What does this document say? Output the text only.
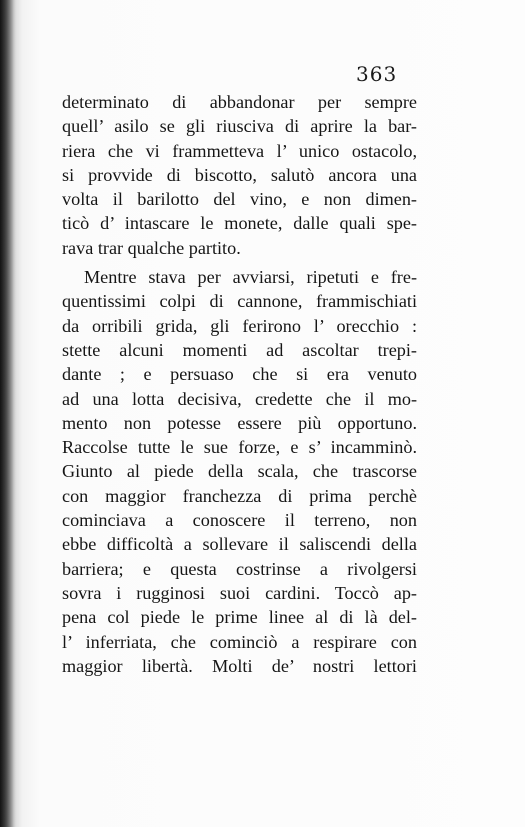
363
determinato di abbandonar per sempre
quell’ asilo se gli riusciva di aprire la bar-
riera che vi frammetteva l’ unico ostacolo,
si provvide di biscotto, salutò ancora una
volta il barilotto del vino, e non dimen-
ticò d’ intascare le monete, dalle quali spe-
rava trar qualche partito.
Mentre stava per avviarsi, ripetuti e fre-
quentissimi colpi di cannone, frammischiati
da orribili grida, gli ferirono l’ orecchio :
stette alcuni momenti ad ascoltar trepi-
dante ; e persuaso che si era venuto
ad una lotta decisiva, credette che il mo-
mento non potesse essere più opportuno.
Raccolse tutte le sue forze, e s’ incamminò.
Giunto al piede della scala, che trascorse
con maggior franchezza di prima perchè
cominciava a conoscere il terreno, non
ebbe difficoltà a sollevare il saliscendi della
barriera; e questa costrinse a rivolgersi
sovra i rugginosi suoi cardini. Toccò ap-
pena col piede le prime linee al di là del-
l’ inferriata, che cominciò a respirare con
maggior libertà. Molti de’ nostri lettori
